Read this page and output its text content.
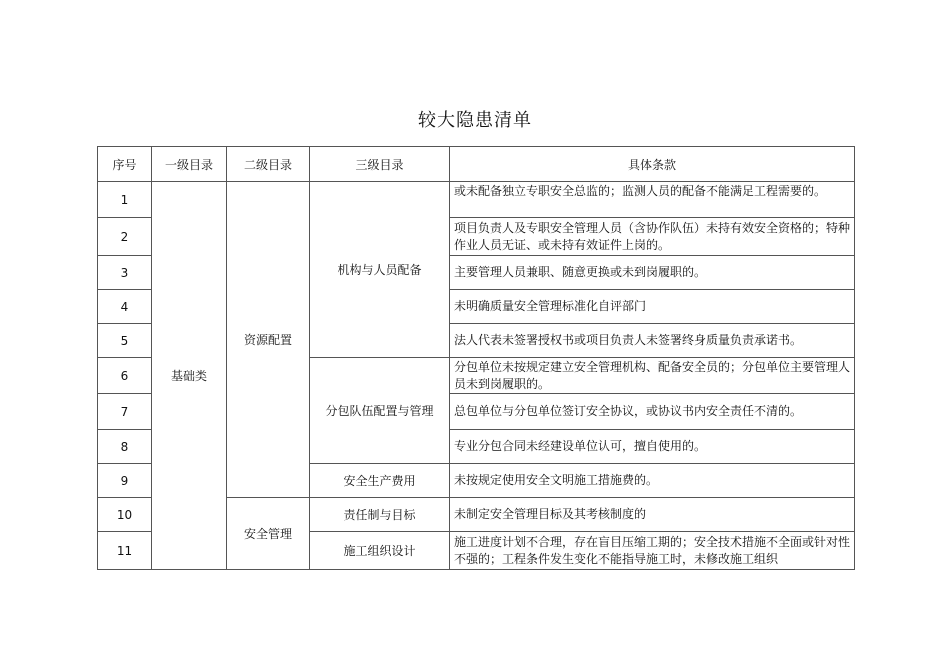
较大隐患清单
序号	一级目录	二级目录	三级目录	具体条款
1	基础类	资源配置	机构与人员配备	或未配备独立专职安全总监的；监测人员的配备不能满足工程需要的。
2				项目负责人及专职安全管理人员（含协作队伍）未持有效安全资格的；特种作业人员无证、或未持有效证件上岗的。
3				主要管理人员兼职、随意更换或未到岗履职的。
4				未明确质量安全管理标准化自评部门
5				法人代表未签署授权书或项目负责人未签署终身质量负责承诺书。
6			分包队伍配置与管理	分包单位未按规定建立安全管理机构、配备安全员的；分包单位主要管理人员未到岗履职的。
7				总包单位与分包单位签订安全协议，或协议书内安全责任不清的。
8				专业分包合同未经建设单位认可，擅自使用的。
9			安全生产费用	未按规定使用安全文明施工措施费的。
10		安全管理	责任制与目标	未制定安全管理目标及其考核制度的
11			施工组织设计	施工进度计划不合理，存在盲目压缩工期的；安全技术措施不全面或针对性不强的；工程条件发生变化不能指导施工时，未修改施工组织
